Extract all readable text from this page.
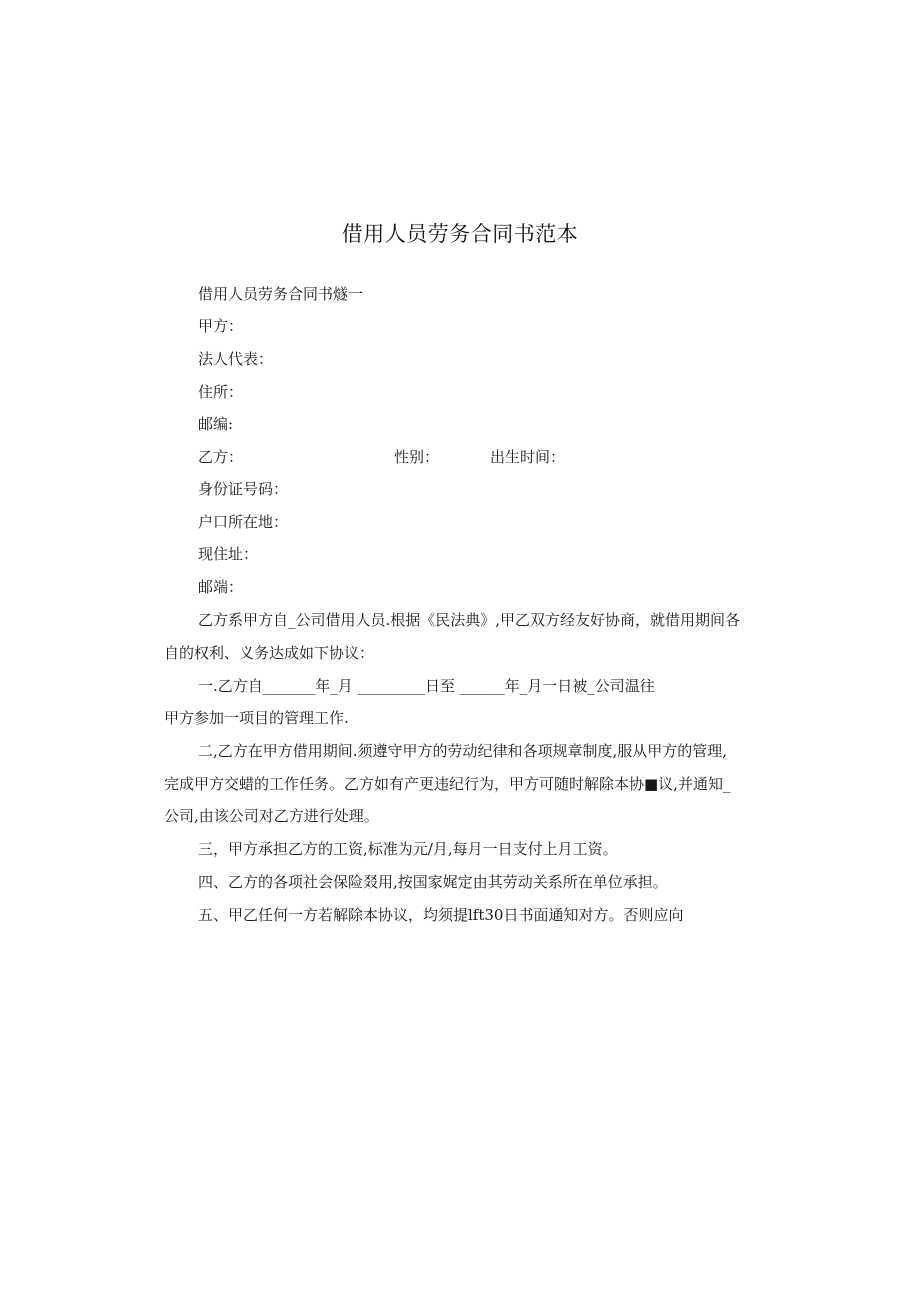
借用人员劳务合同书范本
借用人员劳务合同书燧一
甲方：
法人代表：
住所：
邮编:
乙方：	性别：	出生时间：
身份证号码：
户口所在地：
现住址：
邮端：
乙方系甲方自_公司借用人员.根据《民法典》,甲乙双方经友好协商，就借用期间各
自的权利、义务达成如下协议：
一.乙方自_______年_月 _________日至 ______年_月一日被_公司温往
甲方参加一项目的管理工作.
二,乙方在甲方借用期间.须遵守甲方的劳动纪律和各项规章制度,服从甲方的管理,
完成甲方交蜡的工作任务。乙方如有产更违纪行为，甲方可随时解除本协■议,并通知_
公司,由该公司对乙方进行处理。
三，甲方承担乙方的工资,标准为元/月,每月一日支付上月工资。
四、乙方的各项社会保险叕用,按国家娓定由其劳动关系所在单位承担。
五、甲乙任何一方若解除本协议，均须提lft30日书面通知对方。否则应向
